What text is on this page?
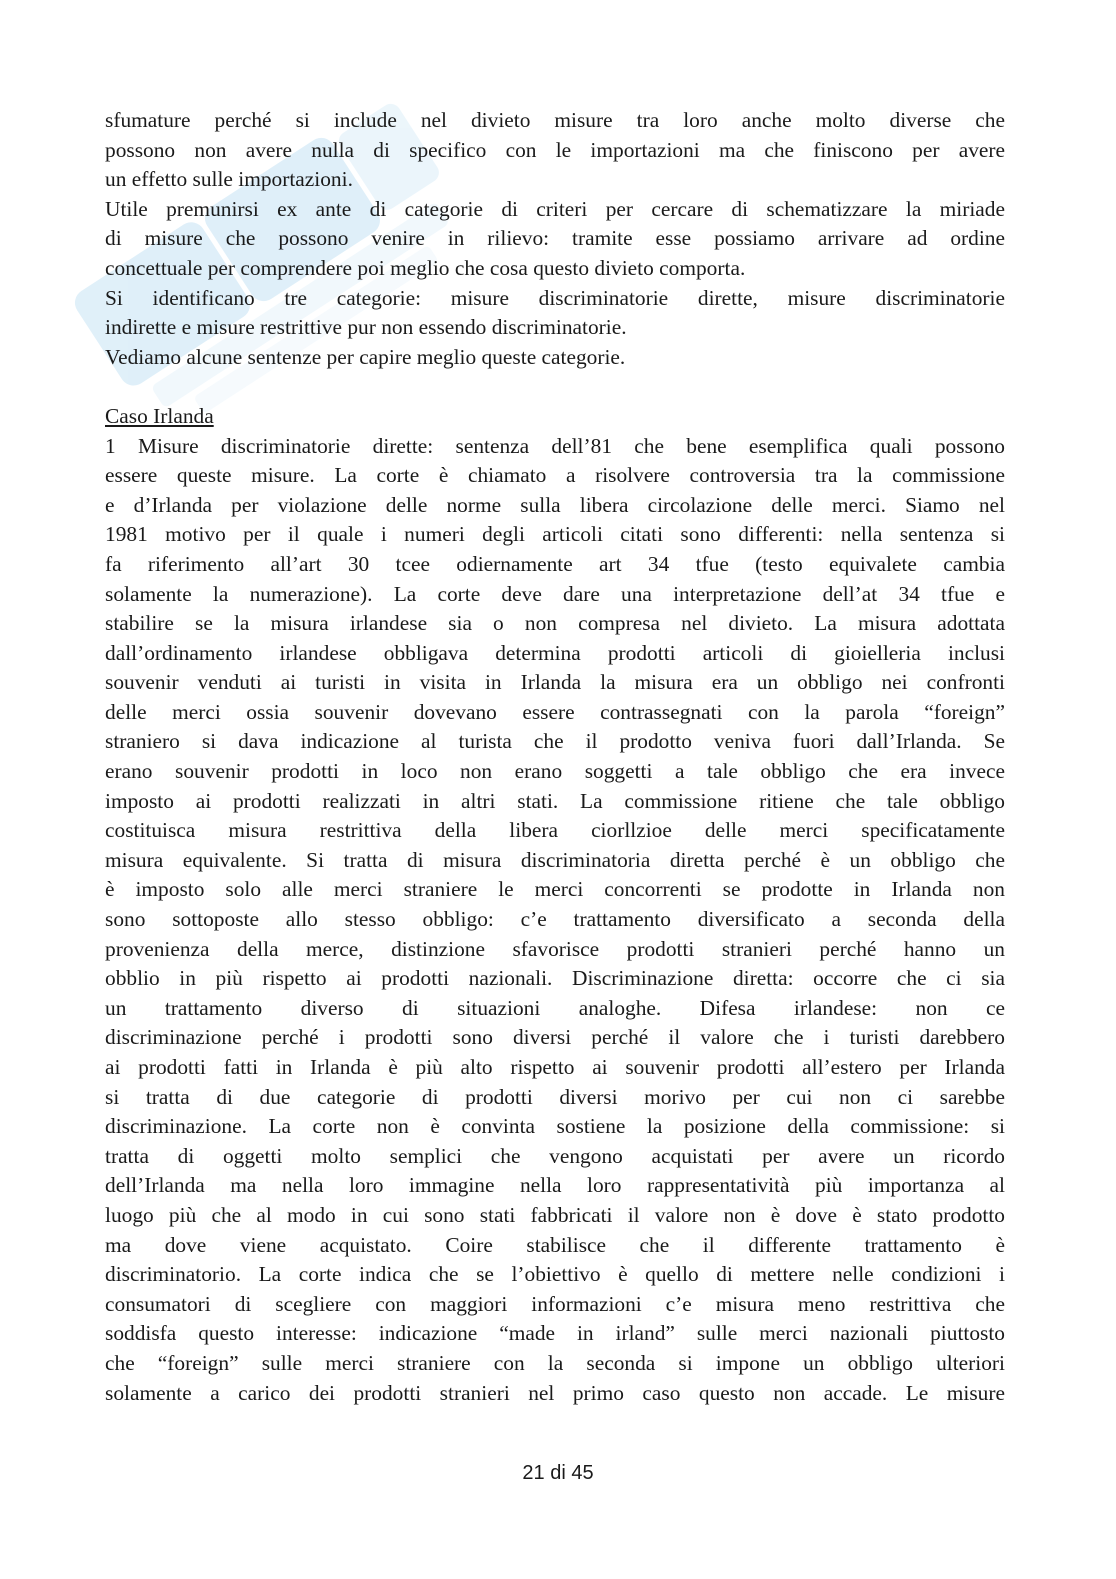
sfumature perché si include nel divieto misure tra loro anche molto diverse che
possono non avere nulla di specifico con le importazioni ma che finiscono per avere
un effetto sulle importazioni.
Utile premunirsi ex ante di categorie di criteri per cercare di schematizzare la miriade
di misure che possono venire in rilievo: tramite esse possiamo arrivare ad ordine
concettuale per comprendere poi meglio che cosa questo divieto comporta.
Si identificano tre categorie: misure discriminatorie dirette, misure discriminatorie
indirette e misure restrittive pur non essendo discriminatorie.
Vediamo alcune sentenze per capire meglio queste categorie.
Caso Irlanda
1 Misure discriminatorie dirette: sentenza dell’81 che bene esemplifica quali possono
essere queste misure. La corte è chiamato a risolvere controversia tra la commissione
e d’Irlanda per violazione delle norme sulla libera circolazione delle merci. Siamo nel
1981 motivo per il quale i numeri degli articoli citati sono differenti: nella sentenza si
fa riferimento all’art 30 tcee odiernamente art 34 tfue (testo equivalete cambia
solamente la numerazione). La corte deve dare una interpretazione dell’at 34 tfue e
stabilire se la misura irlandese sia o non compresa nel divieto. La misura adottata
dall’ordinamento irlandese obbligava determina prodotti articoli di gioielleria inclusi
souvenir venduti ai turisti in visita in Irlanda la misura era un obbligo nei confronti
delle merci ossia souvenir dovevano essere contrassegnati con la parola “foreign”
straniero si dava indicazione al turista che il prodotto veniva fuori dall’Irlanda. Se
erano souvenir prodotti in loco non erano soggetti a tale obbligo che era invece
imposto ai prodotti realizzati in altri stati. La commissione ritiene che tale obbligo
costituisca misura restrittiva della libera ciorllzioe delle merci specificatamente
misura equivalente. Si tratta di misura discriminatoria diretta perché è un obbligo che
è imposto solo alle merci straniere le merci concorrenti se prodotte in Irlanda non
sono sottoposte allo stesso obbligo: c’e trattamento diversificato a seconda della
provenienza della merce, distinzione sfavorisce prodotti stranieri perché hanno un
obblio in più rispetto ai prodotti nazionali. Discriminazione diretta: occorre che ci sia
un trattamento diverso di situazioni analoghe. Difesa irlandese: non ce
discriminazione perché i prodotti sono diversi perché il valore che i turisti darebbero
ai prodotti fatti in Irlanda è più alto rispetto ai souvenir prodotti all’estero per Irlanda
si tratta di due categorie di prodotti diversi morivo per cui non ci sarebbe
discriminazione. La corte non è convinta sostiene la posizione della commissione: si
tratta di oggetti molto semplici che vengono acquistati per avere un ricordo
dell’Irlanda ma nella loro immagine nella loro rappresentatività più importanza al
luogo più che al modo in cui sono stati fabbricati il valore non è dove è stato prodotto
ma dove viene acquistato. Coire stabilisce che il differente trattamento è
discriminatorio. La corte indica che se l’obiettivo è quello di mettere nelle condizioni i
consumatori di scegliere con maggiori informazioni c’e misura meno restrittiva che
soddisfa questo interesse: indicazione “made in irland” sulle merci nazionali piuttosto
che “foreign” sulle merci straniere con la seconda si impone un obbligo ulteriori
solamente a carico dei prodotti stranieri nel primo caso questo non accade. Le misure
21 di 45
